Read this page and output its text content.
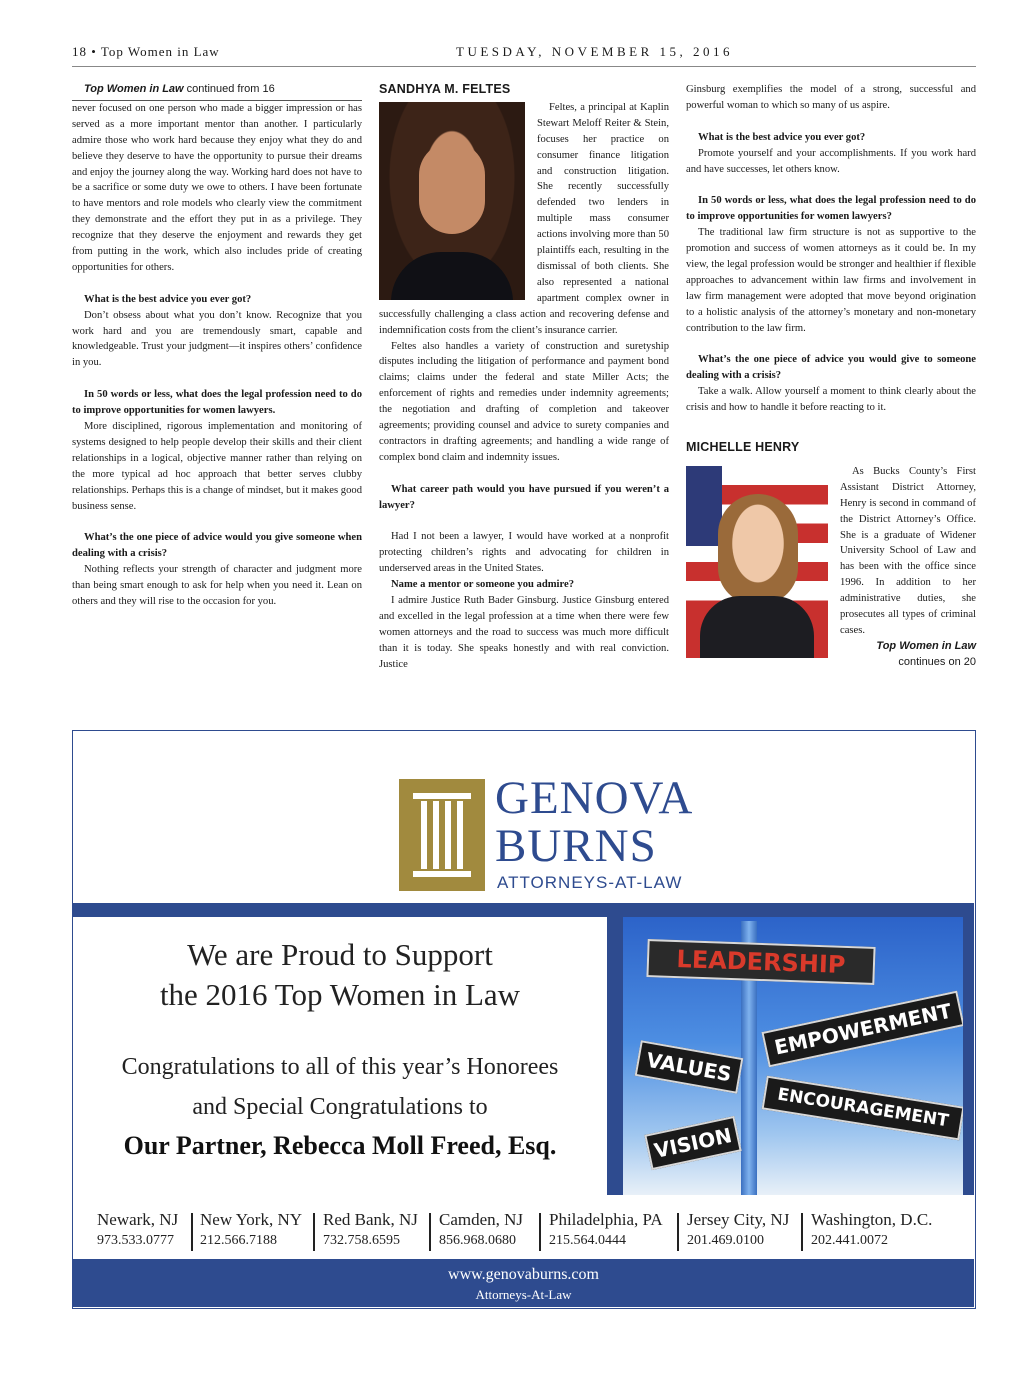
18 • Top Women in Law	TUESDAY, NOVEMBER 15, 2016

Top Women in Law continued from 16

never focused on one person who made a bigger impression or has served as a more important mentor than another. I particularly admire those who work hard because they enjoy what they do and believe they deserve to have the opportunity to pursue their dreams and enjoy the journey along the way. Working hard does not have to be a sacrifice or some duty we owe to others. I have been fortunate to have mentors and role models who clearly view the commitment they demonstrate and the effort they put in as a privilege. They recognize that they deserve the enjoyment and rewards they get from putting in the work, which also includes pride of creating opportunities for others.

What is the best advice you ever got?

Don’t obsess about what you don’t know. Recognize that you work hard and you are tremendously smart, capable and knowledgeable. Trust your judgment—it inspires others’ confidence in you.

In 50 words or less, what does the legal profession need to do to improve opportunities for women lawyers.

More disciplined, rigorous implementation and monitoring of systems designed to help people develop their skills and their client relationships in a logical, objective manner rather than relying on the more typical ad hoc approach that better serves clubby relationships. Perhaps this is a change of mindset, but it makes good business sense.

What’s the one piece of advice would you give someone when dealing with a crisis?

Nothing reflects your strength of character and judgment more than being smart enough to ask for help when you need it. Lean on others and they will rise to the occasion for you.

SANDHYA M. FELTES

Feltes, a principal at Kaplin Stewart Meloff Reiter & Stein, focuses her practice on consumer finance litigation and construction litigation. She recently successfully defended two lenders in multiple mass consumer actions involving more than 50 plaintiffs each, resulting in the dismissal of both clients. She also represented a national apartment complex owner in successfully challenging a class action and recovering defense and indemnification costs from the client’s insurance carrier.

Feltes also handles a variety of construction and suretyship disputes including the litigation of performance and payment bond claims; claims under the federal and state Miller Acts; the enforcement of rights and remedies under indemnity agreements; the negotiation and drafting of completion and takeover agreements; providing counsel and advice to surety companies and contractors in drafting agreements; and handling a wide range of complex bond claim and indemnity issues.

What career path would you have pursued if you weren’t a lawyer?

Had I not been a lawyer, I would have worked at a nonprofit protecting children’s rights and advocating for children in underserved areas in the United States.

Name a mentor or someone you admire?

I admire Justice Ruth Bader Ginsburg. Justice Ginsburg entered and excelled in the legal profession at a time when there were few women attorneys and the road to success was much more difficult than it is today. She speaks honestly and with real conviction. Justice

Ginsburg exemplifies the model of a strong, successful and powerful woman to which so many of us aspire.

What is the best advice you ever got?

Promote yourself and your accomplishments. If you work hard and have successes, let others know.

In 50 words or less, what does the legal profession need to do to improve opportunities for women lawyers?

The traditional law firm structure is not as supportive to the promotion and success of women attorneys as it could be. In my view, the legal profession would be stronger and healthier if flexible approaches to advancement within law firms and involvement in law firm management were adopted that move beyond origination to a holistic analysis of the attorney’s monetary and non-monetary contribution to the law firm.

What’s the one piece of advice you would give to someone dealing with a crisis?

Take a walk. Allow yourself a moment to think clearly about the crisis and how to handle it before reacting to it.

MICHELLE HENRY

As Bucks County’s First Assistant District Attorney, Henry is second in command of the District Attorney’s Office. She is a graduate of Widener University School of Law and has been with the office since 1996. In addition to her administrative duties, she prosecutes all types of criminal cases.

Top Women in Law continues on 20

GENOVA
BURNS
ATTORNEYS-AT-LAW
We are Proud to Support
the 2016 Top Women in Law
Congratulations to all of this year’s Honorees
and Special Congratulations to
Our Partner, Rebecca Moll Freed, Esq.
LEADERSHIP
EMPOWERMENT
VALUES
ENCOURAGEMENT
VISION
Newark, NJ
973.533.0777
New York, NY
212.566.7188
Red Bank, NJ
732.758.6595
Camden, NJ
856.968.0680
Philadelphia, PA
215.564.0444
Jersey City, NJ
201.469.0100
Washington, D.C.
202.441.0072
www.genovaburns.com
Attorneys-At-Law
